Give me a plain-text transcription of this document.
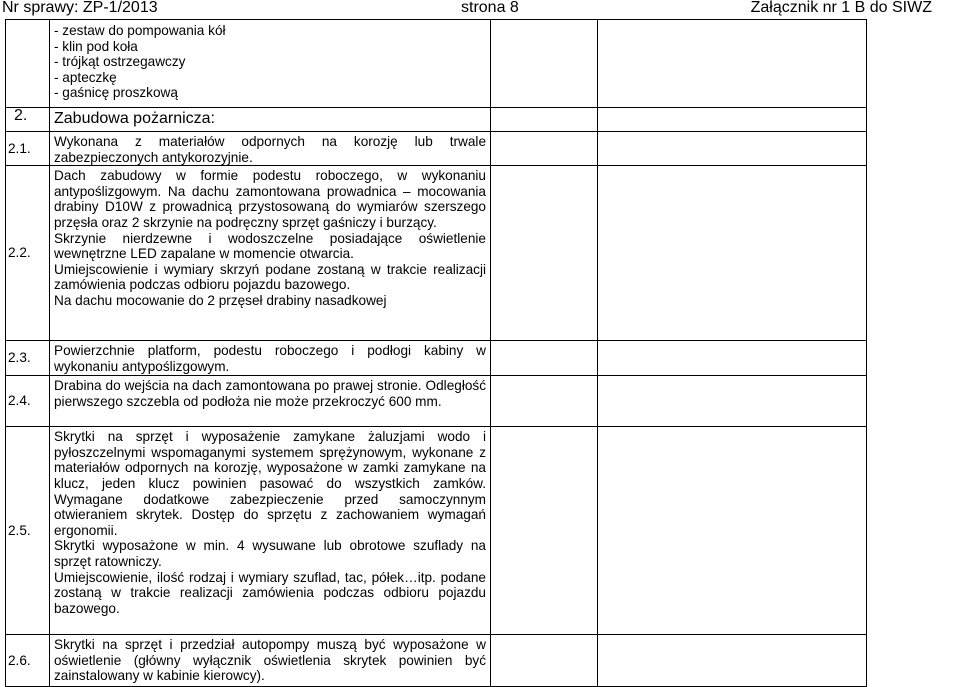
Nr sprawy: ZP-1/2013	strona 8	Załącznik nr 1 B do SIWZ

	- zestaw do pompowania kół
- klin pod koła
- trójkąt ostrzegawczy
- apteczkę
- gaśnicę proszkową		

2.	Zabudowa pożarnicza:		
2.1.	Wykonana z materiałów odpornych na korozję lub trwale zabezpieczonych antykorozyjnie.		

2.2.	Dach zabudowy w formie podestu roboczego, w wykonaniu antypoślizgowym. Na dachu zamontowana prowadnica – mocowania drabiny D10W z prowadnicą przystosowaną do wymiarów szerszego przęsła oraz 2 skrzynie na podręczny sprzęt gaśniczy i burzący.
Skrzynie nierdzewne i wodoszczelne posiadające oświetlenie wewnętrzne LED zapalane w momencie otwarcia.
Umiejscowienie i wymiary skrzyń podane zostaną w trakcie realizacji zamówienia podczas odbioru pojazdu bazowego.
Na dachu mocowanie do 2 przęseł drabiny nasadkowej		

2.3.	Powierzchnie platform, podestu roboczego i podłogi kabiny w wykonaniu antypoślizgowym.		

2.4.	Drabina do wejścia na dach zamontowana po prawej stronie. Odległość pierwszego szczebla od podłoża nie może przekroczyć 600 mm.		

2.5.	Skrytki na sprzęt i wyposażenie zamykane żaluzjami wodo i pyłoszczelnymi wspomaganymi systemem sprężynowym, wykonane z materiałów odpornych na korozję, wyposażone w zamki zamykane na klucz, jeden klucz powinien pasować do wszystkich zamków. Wymagane dodatkowe zabezpieczenie przed samoczynnym otwieraniem skrytek. Dostęp do sprzętu z zachowaniem wymagań ergonomii.
Skrytki wyposażone w min. 4 wysuwane lub obrotowe szuflady na sprzęt ratowniczy.
Umiejscowienie, ilość rodzaj i wymiary szuflad, tac, półek…itp. podane zostaną w trakcie realizacji zamówienia podczas odbioru pojazdu bazowego.		

2.6.	Skrytki na sprzęt i przedział autopompy muszą być wyposażone w oświetlenie (główny wyłącznik oświetlenia skrytek powinien być zainstalowany w kabinie kierowcy).		
